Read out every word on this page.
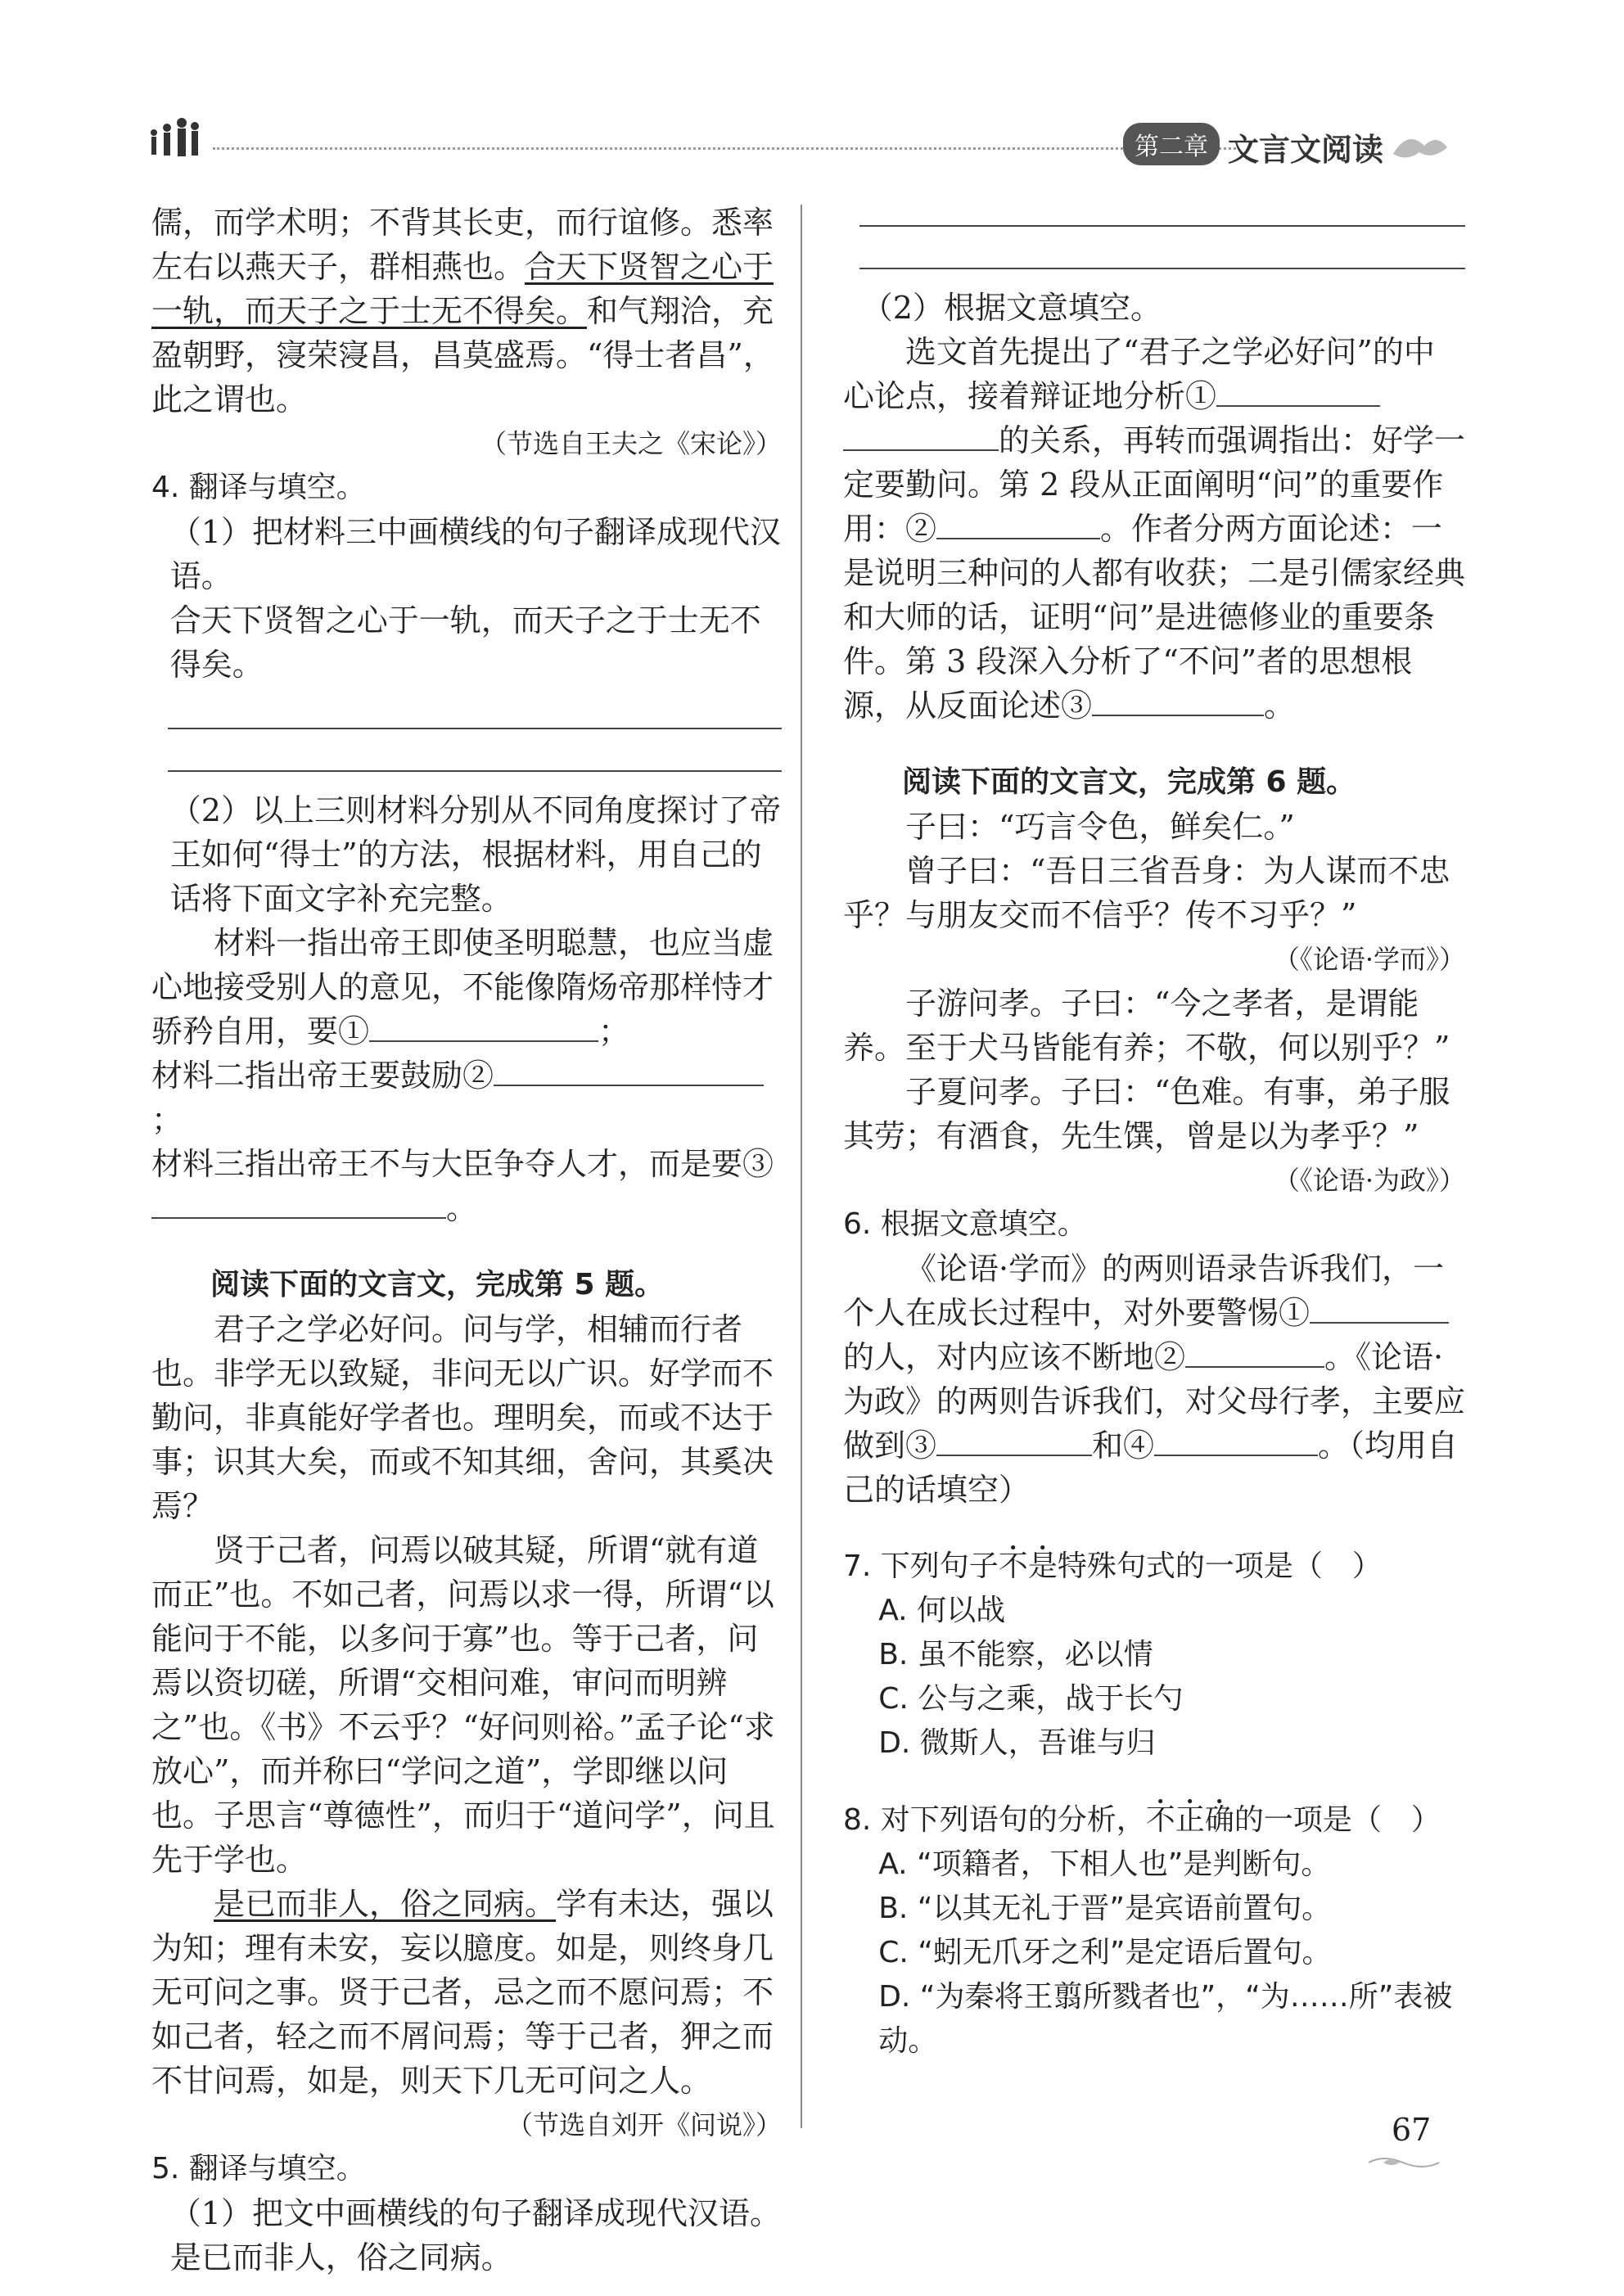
第二章 文言文阅读

儒，而学术明；不背其长吏，而行谊修。悉率左右以燕天子，群相燕也。合天下贤智之心于一轨，而天子之于士无不得矣。和气翔洽，充盈朝野，寖荣寖昌，昌莫盛焉。“得士者昌”，此之谓也。

（节选自王夫之《宋论》）

4. 翻译与填空。

（1）把材料三中画横线的句子翻译成现代汉语。

合天下贤智之心于一轨，而天子之于士无不得矣。

（2）以上三则材料分别从不同角度探讨了帝王如何“得士”的方法，根据材料，用自己的话将下面文字补充完整。

材料一指出帝王即使圣明聪慧，也应当虚心地接受别人的意见，不能像隋炀帝那样恃才骄矜自用，要①	；

材料二指出帝王要鼓励②；

材料三指出帝王不与大臣争夺人才，而是要③
。

阅读下面的文言文，完成第 5 题。

君子之学必好问。问与学，相辅而行者也。非学无以致疑，非问无以广识。好学而不勤问，非真能好学者也。理明矣，而或不达于事；识其大矣，而或不知其细，舍问，其奚决焉？

贤于己者，问焉以破其疑，所谓“就有道而正”也。不如己者，问焉以求一得，所谓“以能问于不能，以多问于寡”也。等于己者，问焉以资切磋，所谓“交相问难，审问而明辨之”也。《书》不云乎？“好问则裕。”孟子论“求放心”，而并称曰“学问之道”，学即继以问也。子思言“尊德性”，而归于“道问学”，问且先于学也。

是已而非人，俗之同病。学有未达，强以为知；理有未安，妄以臆度。如是，则终身几无可问之事。贤于己者，忌之而不愿问焉；不如己者，轻之而不屑问焉；等于己者，狎之而不甘问焉，如是，则天下几无可问之人。

（节选自刘开《问说》）

5. 翻译与填空。

（1）把文中画横线的句子翻译成现代汉语。

是已而非人，俗之同病。

（2）根据文意填空。

选文首先提出了“君子之学必好问”的中心论点，接着辩证地分析①的关系，再转而强调指出：好学一定要勤问。第 2 段从正面阐明“问”的重要作用：②	。作者分两方面论述：一是说明三种问的人都有收获；二是引儒家经典和大师的话，证明“问”是进德修业的重要条件。第 3 段深入分析了“不问”者的思想根源，从反面论述③	。

阅读下面的文言文，完成第 6 题。

子曰：“巧言令色，鲜矣仁。”

曾子曰：“吾日三省吾身：为人谋而不忠乎？与朋友交而不信乎？传不习乎？”

（《论语·学而》）

子游问孝。子曰：“今之孝者，是谓能养。至于犬马皆能有养；不敬，何以别乎？”

子夏问孝。子曰：“色难。有事，弟子服其劳；有酒食，先生馔，曾是以为孝乎？”

（《论语·为政》）

6. 根据文意填空。

《论语·学而》的两则语录告诉我们，一个人在成长过程中，对外要警惕①的人，对内应该不断地②	。《论语·为政》的两则告诉我们，对父母行孝，主要应做到③	和④	。（均用自己的话填空）

7. 下列句子不是特殊句式的一项是（　）

A. 何以战

B. 虽不能察，必以情

C. 公与之乘，战于长勺

D. 微斯人，吾谁与归

8. 对下列语句的分析，不正确的一项是（　）

A. “项籍者，下相人也”是判断句。

B. “以其无礼于晋”是宾语前置句。

C. “蚓无爪牙之利”是定语后置句。

D. “为秦将王翦所戮者也”，“为……所”表被动。

67
